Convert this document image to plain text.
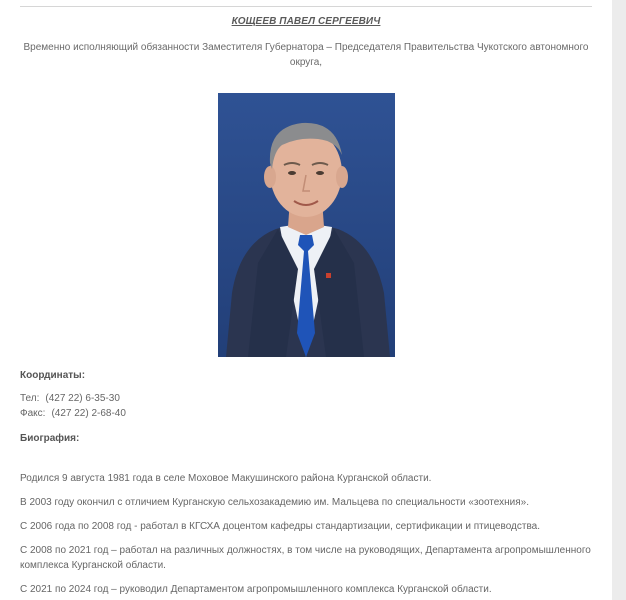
КОЩЕЕВ ПАВЕЛ СЕРГЕЕВИЧ
Временно исполняющий обязанности Заместителя Губернатора – Председателя Правительства Чукотского автономного округа,
Координаты:
Тел: (427 22) 6-35-30
Факс: (427 22) 2-68-40
Биография:
Родился 9 августа 1981 года в селе Моховое Макушинского района Курганской области.
В 2003 году окончил с отличием Курганскую сельхозакадемию им. Мальцева по специальности «зоотехния».
С 2006 года по 2008 год - работал в КГСХА доцентом кафедры стандартизации, сертификации и птицеводства.
С 2008 по 2021 год – работал на различных должностях, в том числе на руководящих, Департамента агропромышленного комплекса Курганской области.
С 2021 по 2024 год – руководил Департаментом агропромышленного комплекса Курганской области.
